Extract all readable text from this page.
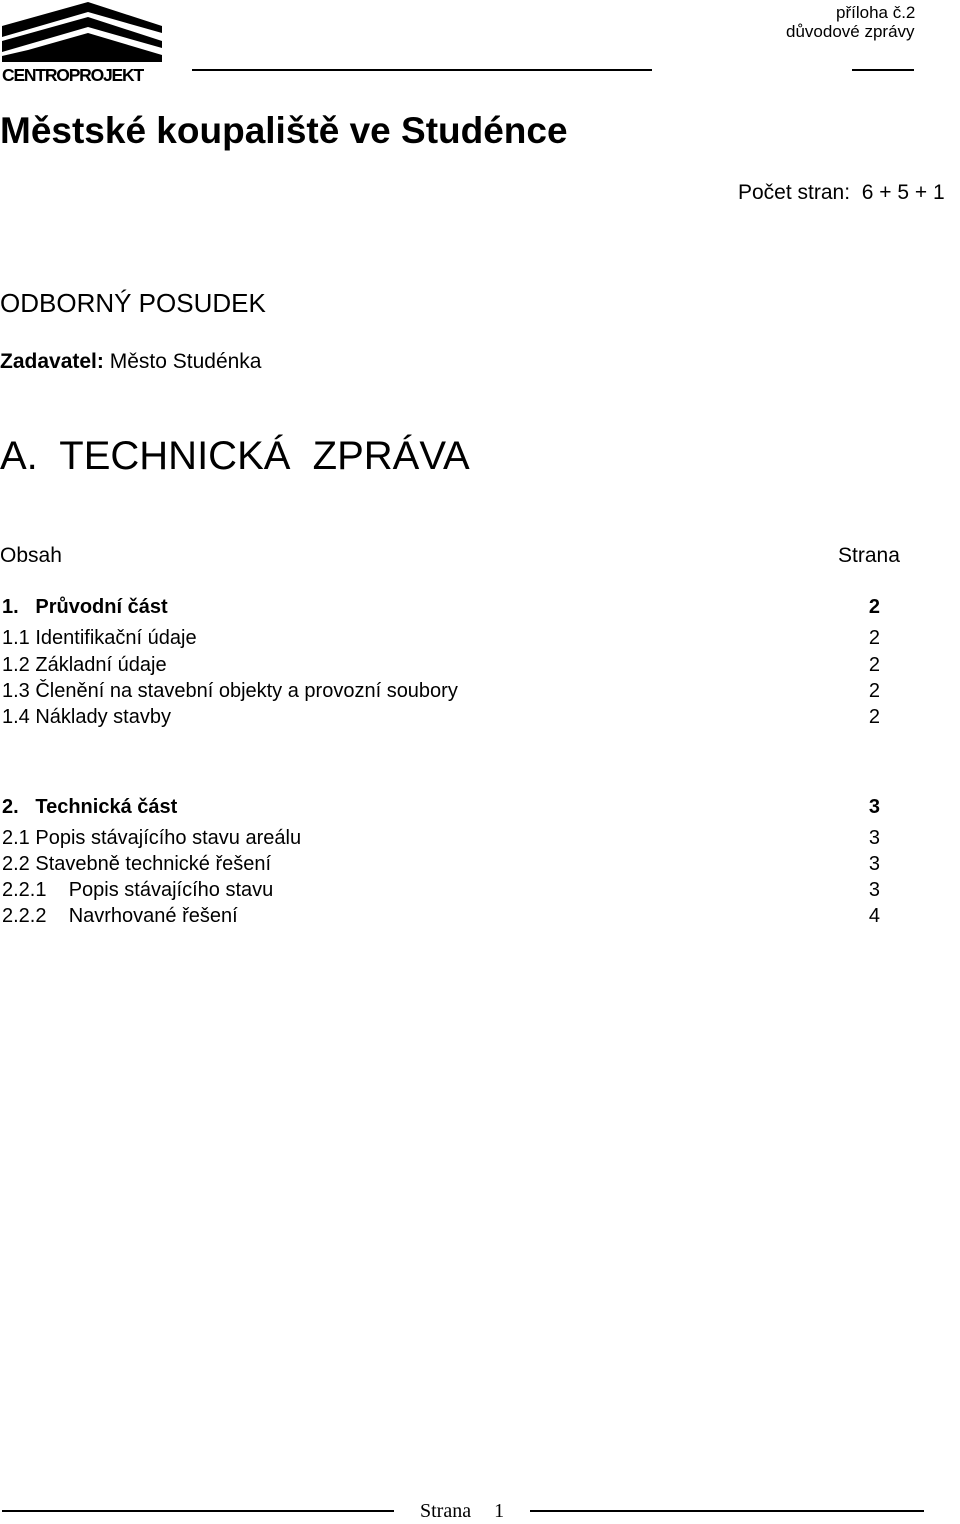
CENTROPROJEKT
příloha č.2
důvodové zprávy
Městské koupaliště ve Studénce
Počet stran:  6 + 5 + 1
ODBORNÝ POSUDEK
Zadavatel: Město Studénka
A.  TECHNICKÁ  ZPRÁVA
Obsah	Strana
1.   Průvodní část	2
1.1 Identifikační údaje	2
1.2 Základní údaje	2
1.3 Členění na stavební objekty a provozní soubory	2
1.4 Náklady stavby	2
2.   Technická část	3
2.1 Popis stávajícího stavu areálu	3
2.2 Stavebně technické řešení	3
2.2.1    Popis stávajícího stavu	3
2.2.2    Navrhované řešení	4
Strana 1
